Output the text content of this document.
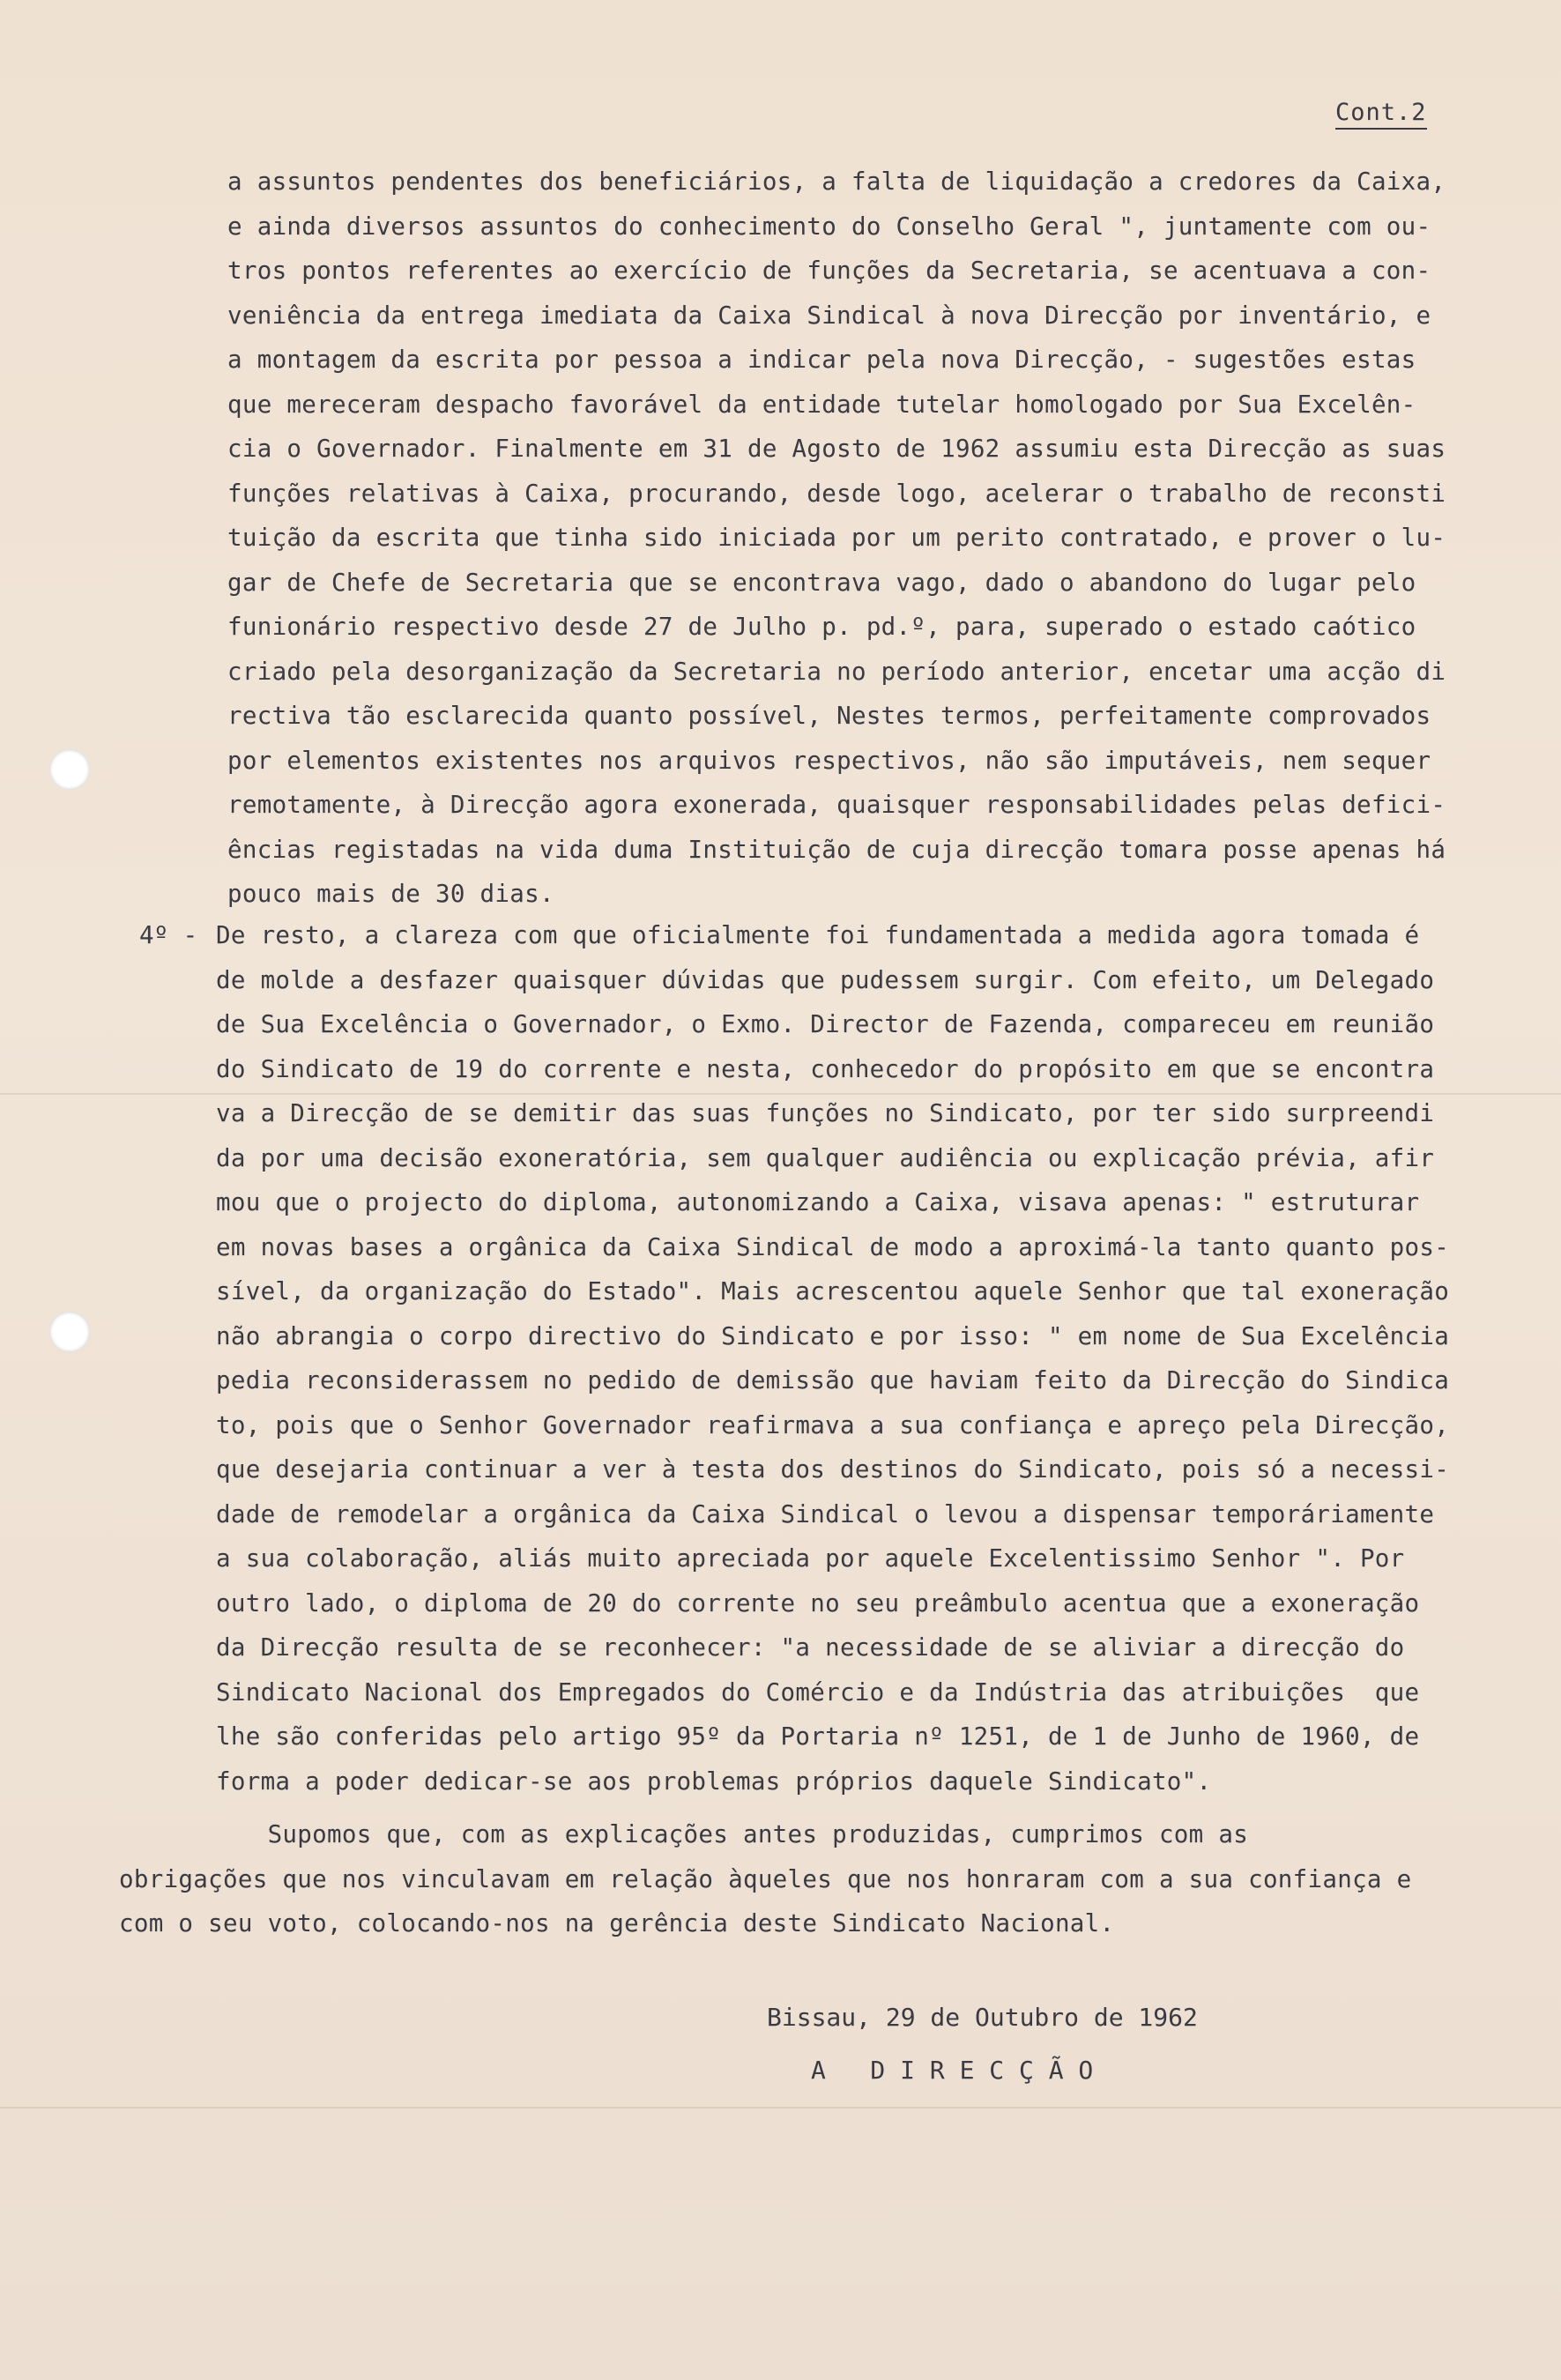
Cont.2
a assuntos pendentes dos beneficiários, a falta de liquidação a credores da Caixa,
e ainda diversos assuntos do conhecimento do Conselho Geral ", juntamente com ou-
tros pontos referentes ao exercício de funções da Secretaria, se acentuava a con-
veniência da entrega imediata da Caixa Sindical à nova Direcção por inventário, e
a montagem da escrita por pessoa a indicar pela nova Direcção, - sugestões estas
que mereceram despacho favorável da entidade tutelar homologado por Sua Excelên-
cia o Governador. Finalmente em 31 de Agosto de 1962 assumiu esta Direcção as suas
funções relativas à Caixa, procurando, desde logo, acelerar o trabalho de reconsti
tuição da escrita que tinha sido iniciada por um perito contratado, e prover o lu-
gar de Chefe de Secretaria que se encontrava vago, dado o abandono do lugar pelo
funionário respectivo desde 27 de Julho p. pd.º, para, superado o estado caótico
criado pela desorganização da Secretaria no período anterior, encetar uma acção di
rectiva tão esclarecida quanto possível, Nestes termos, perfeitamente comprovados
por elementos existentes nos arquivos respectivos, não são imputáveis, nem sequer
remotamente, à Direcção agora exonerada, quaisquer responsabilidades pelas defici-
ências registadas na vida duma Instituição de cuja direcção tomara posse apenas há
pouco mais de 30 dias.
4º - De resto, a clareza com que oficialmente foi fundamentada a medida agora tomada é
de molde a desfazer quaisquer dúvidas que pudessem surgir. Com efeito, um Delegado
de Sua Excelência o Governador, o Exmo. Director de Fazenda, compareceu em reunião
do Sindicato de 19 do corrente e nesta, conhecedor do propósito em que se encontra
va a Direcção de se demitir das suas funções no Sindicato, por ter sido surpreendi
da por uma decisão exoneratória, sem qualquer audiência ou explicação prévia, afir
mou que o projecto do diploma, autonomizando a Caixa, visava apenas: " estruturar
em novas bases a orgânica da Caixa Sindical de modo a aproximá-la tanto quanto pos-
sível, da organização do Estado". Mais acrescentou aquele Senhor que tal exoneração
não abrangia o corpo directivo do Sindicato e por isso: " em nome de Sua Excelência
pedia reconsiderassem no pedido de demissão que haviam feito da Direcção do Sindica
to, pois que o Senhor Governador reafirmava a sua confiança e apreço pela Direcção,
que desejaria continuar a ver à testa dos destinos do Sindicato, pois só a necessi-
dade de remodelar a orgânica da Caixa Sindical o levou a dispensar temporáriamente
a sua colaboração, aliás muito apreciada por aquele Excelentissimo Senhor ". Por
outro lado, o diploma de 20 do corrente no seu preâmbulo acentua que a exoneração
da Direcção resulta de se reconhecer: "a necessidade de se aliviar a direcção do
Sindicato Nacional dos Empregados do Comércio e da Indústria das atribuições  que
lhe são conferidas pelo artigo 95º da Portaria nº 1251, de 1 de Junho de 1960, de
forma a poder dedicar-se aos problemas próprios daquele Sindicato".
Supomos que, com as explicações antes produzidas, cumprimos com as
obrigações que nos vinculavam em relação àqueles que nos honraram com a sua confiança e
com o seu voto, colocando-nos na gerência deste Sindicato Nacional.
Bissau, 29 de Outubro de 1962
A   D I R E C Ç Ã O
